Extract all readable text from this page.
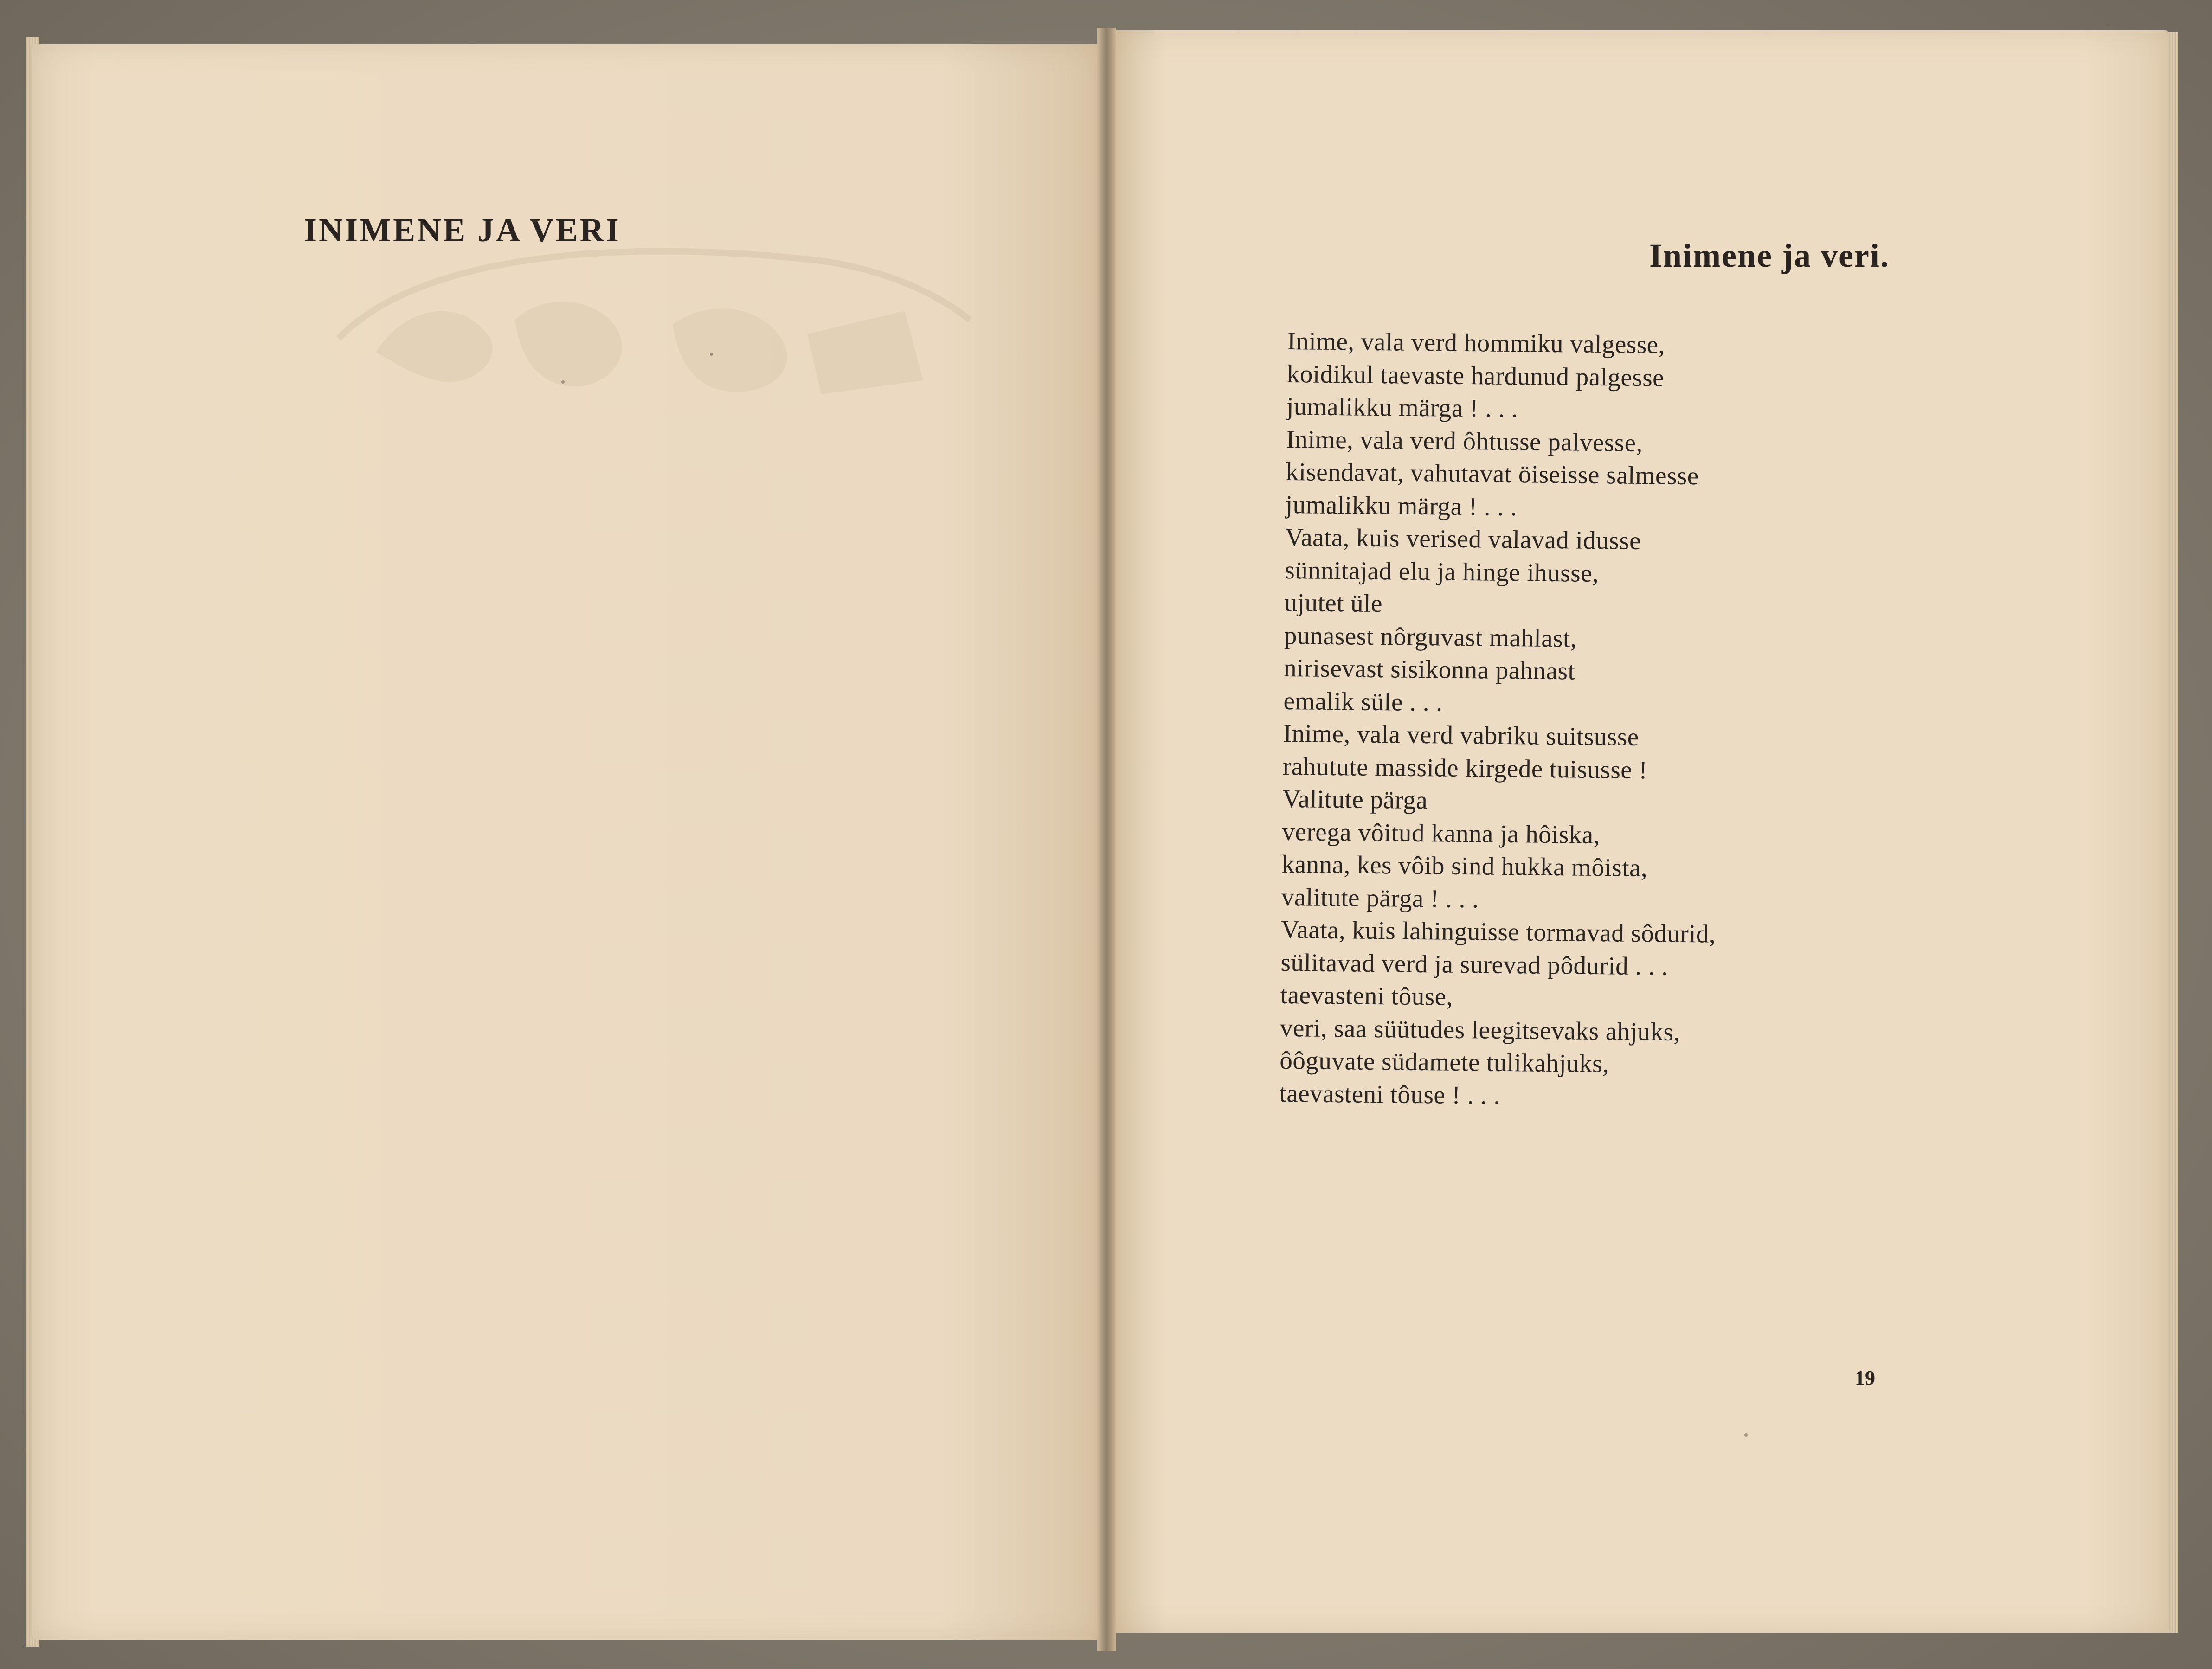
INIMENE JA VERI
Inimene ja veri.
Inime, vala verd hommiku valgesse,
koidikul taevaste hardunud palgesse
jumalikku märga ! . . .
Inime, vala verd ôhtusse palvesse,
kisendavat, vahutavat öiseisse salmesse
jumalikku märga ! . . .
Vaata, kuis verised valavad idusse
sünnitajad elu ja hinge ihusse,
ujutet üle
punasest nôrguvast mahlast,
nirisevast sisikonna pahnast
emalik süle . . .
Inime, vala verd vabriku suitsusse
rahutute masside kirgede tuisusse !
Valitute pärga
verega vôitud kanna ja hôiska,
kanna, kes vôib sind hukka môista,
valitute pärga ! . . .
Vaata, kuis lahinguisse tormavad sôdurid,
sülitavad verd ja surevad pôdurid . . .
taevasteni tôuse,
veri, saa süütudes leegitsevaks ahjuks,
ôôguvate südamete tulikahjuks,
taevasteni tôuse ! . . .
19
